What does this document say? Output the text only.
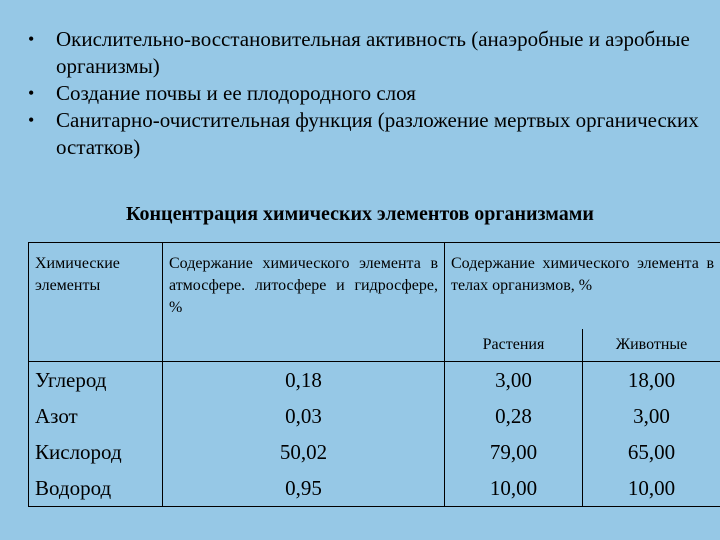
• Окислительно-восстановительная активность (анаэробные и аэробные организмы)
• Создание почвы и ее плодородного слоя
• Санитарно-очистительная функция (разложение мертвых органических остатков)
Концентрация химических элементов организмами
Химические элементы	Содержание химического элемента в атмосфере. литосфере и гидросфере, %	Содержание химического элемента в телах организмов, %	
		Растения	Животные
Углерод	0,18	3,00	18,00
Азот	0,03	0,28	3,00
Кислород	50,02	79,00	65,00
Водород	0,95	10,00	10,00
